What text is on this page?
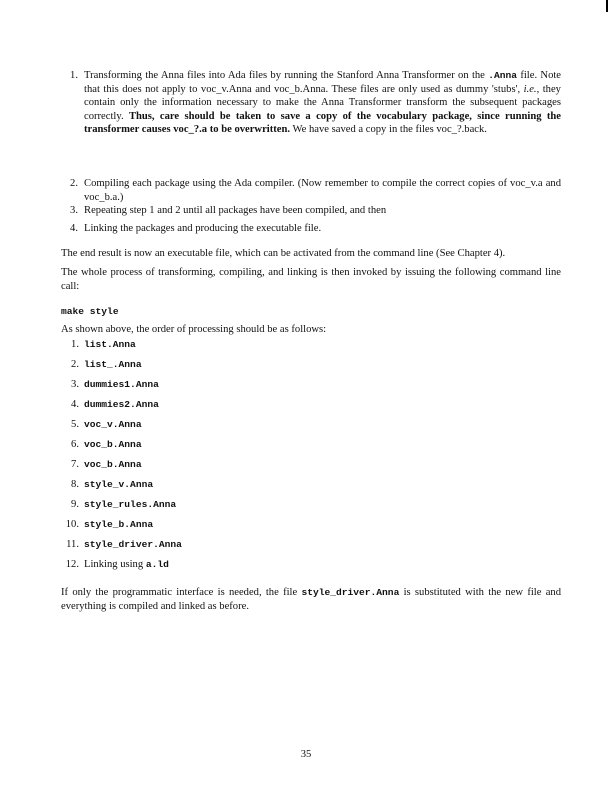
1. Transforming the Anna files into Ada files by running the Stanford Anna Transformer on the .Anna file. Note that this does not apply to voc_v.Anna and voc_b.Anna. These files are only used as dummy 'stubs', i.e., they contain only the information necessary to make the Anna Transformer transform the subsequent packages correctly. Thus, care should be taken to save a copy of the vocabulary package, since running the transformer causes voc_?.a to be overwritten. We have saved a copy in the files voc_?.back.
2. Compiling each package using the Ada compiler. (Now remember to compile the correct copies of voc_v.a and voc_b.a.)
3. Repeating step 1 and 2 until all packages have been compiled, and then
4. Linking the packages and producing the executable file.
The end result is now an executable file, which can be activated from the command line (See Chapter 4).
The whole process of transforming, compiling, and linking is then invoked by issuing the following command line call:
make style
As shown above, the order of processing should be as follows:
1. list.Anna
2. list_.Anna
3. dummies1.Anna
4. dummies2.Anna
5. voc_v.Anna
6. voc_b.Anna
7. voc_b.Anna
8. style_v.Anna
9. style_rules.Anna
10. style_b.Anna
11. style_driver.Anna
12. Linking using a.ld
If only the programmatic interface is needed, the file style_driver.Anna is substituted with the new file and everything is compiled and linked as before.
35
